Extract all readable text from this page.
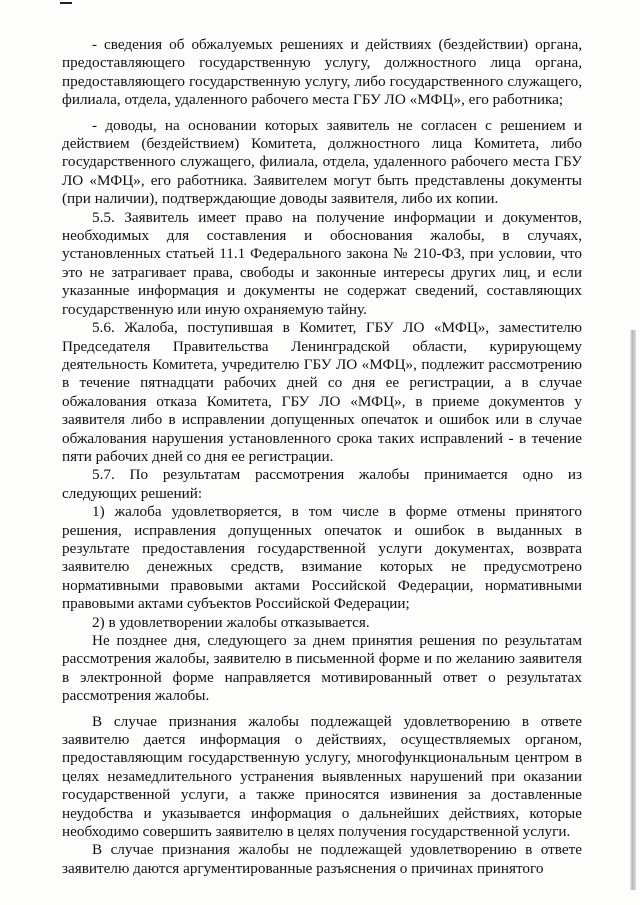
- сведения об обжалуемых решениях и действиях (бездействии) органа, предоставляющего государственную услугу, должностного лица органа, предоставляющего государственную услугу, либо государственного служащего, филиала, отдела, удаленного рабочего места ГБУ ЛО «МФЦ», его работника;

- доводы, на основании которых заявитель не согласен с решением и действием (бездействием) Комитета, должностного лица Комитета, либо государственного служащего, филиала, отдела, удаленного рабочего места ГБУ ЛО «МФЦ», его работника. Заявителем могут быть представлены документы (при наличии), подтверждающие доводы заявителя, либо их копии.

5.5. Заявитель имеет право на получение информации и документов, необходимых для составления и обоснования жалобы, в случаях, установленных статьей 11.1 Федерального закона № 210-ФЗ, при условии, что это не затрагивает права, свободы и законные интересы других лиц, и если указанные информация и документы не содержат сведений, составляющих государственную или иную охраняемую тайну.

5.6. Жалоба, поступившая в Комитет, ГБУ ЛО «МФЦ», заместителю Председателя Правительства Ленинградской области, курирующему деятельность Комитета, учредителю ГБУ ЛО «МФЦ», подлежит рассмотрению в течение пятнадцати рабочих дней со дня ее регистрации, а в случае обжалования отказа Комитета, ГБУ ЛО «МФЦ», в приеме документов у заявителя либо в исправлении допущенных опечаток и ошибок или в случае обжалования нарушения установленного срока таких исправлений - в течение пяти рабочих дней со дня ее регистрации.

5.7. По результатам рассмотрения жалобы принимается одно из следующих решений:

1) жалоба удовлетворяется, в том числе в форме отмены принятого решения, исправления допущенных опечаток и ошибок в выданных в результате предоставления государственной услуги документах, возврата заявителю денежных средств, взимание которых не предусмотрено нормативными правовыми актами Российской Федерации, нормативными правовыми актами субъектов Российской Федерации;

2) в удовлетворении жалобы отказывается.

Не позднее дня, следующего за днем принятия решения по результатам рассмотрения жалобы, заявителю в письменной форме и по желанию заявителя в электронной форме направляется мотивированный ответ о результатах рассмотрения жалобы.

В случае признания жалобы подлежащей удовлетворению в ответе заявителю дается информация о действиях, осуществляемых органом, предоставляющим государственную услугу, многофункциональным центром в целях незамедлительного устранения выявленных нарушений при оказании государственной услуги, а также приносятся извинения за доставленные неудобства и указывается информация о дальнейших действиях, которые необходимо совершить заявителю в целях получения государственной услуги.

В случае признания жалобы не подлежащей удовлетворению в ответе заявителю даются аргументированные разъяснения о причинах принятого
